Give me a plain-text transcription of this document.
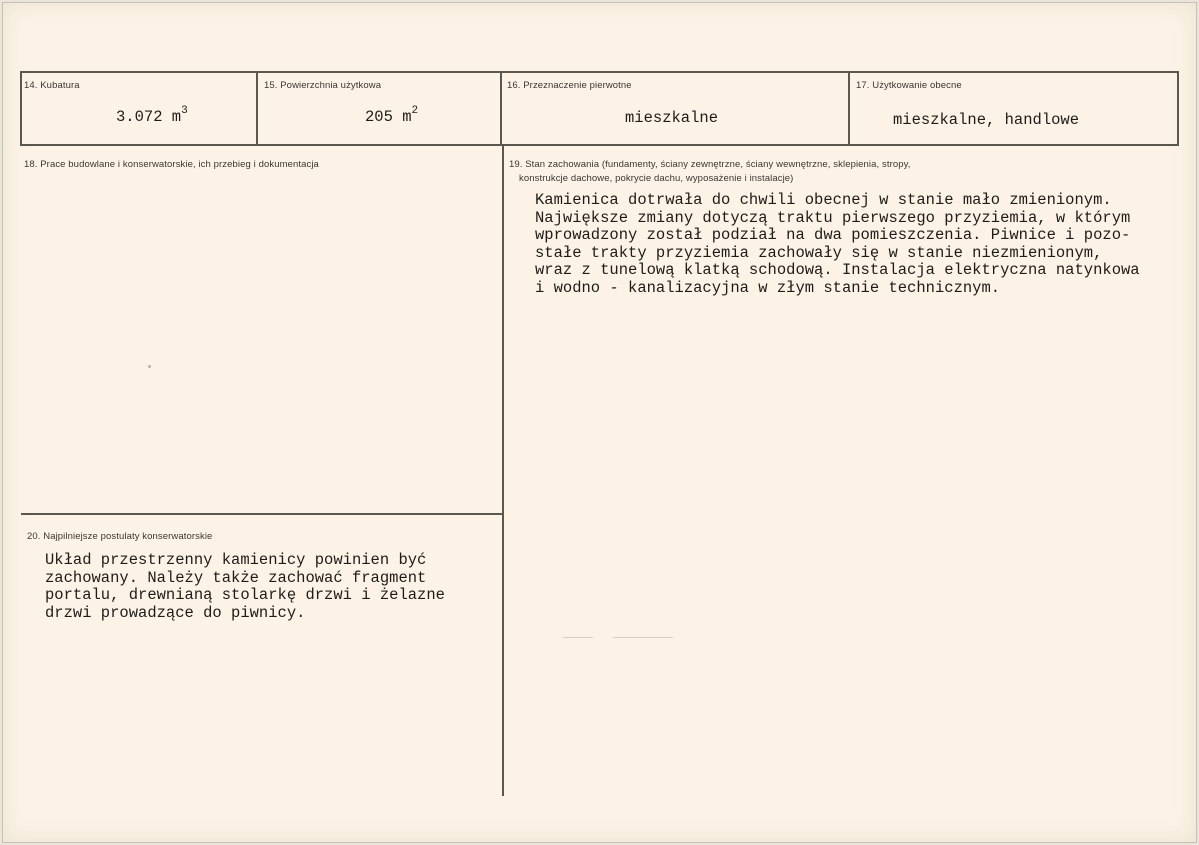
14. Kubatura
3.072 $m^3$
15. Powierzchnia użytkowa
205 $m^2$
16. Przeznaczenie pierwotne
mieszkalne
17. Użytkowanie obecne
mieszkalne, handlowe
18. Prace budowlane i konserwatorskie, ich przebieg i dokumentacja	19. Stan zachowania (fundamenty, ściany zewnętrzne, ściany wewnętrzne, sklepienia, stropy,
konstrukcje dachowe, pokrycie dachu, wyposażenie i instalacje)
Kamienica dotrwała do chwili obecnej w stanie mało zmienionym.
Największe zmiany dotyczą traktu pierwszego przyziemia, w którym
wprowadzony został podział na dwa pomieszczenia. Piwnice i pozo-
stałe trakty przyziemia zachowały się w stanie niezmienionym,
wraz z tunelową klatką schodową. Instalacja elektryczna natynkowa
i wodno - kanalizacyjna w złym stanie technicznym.
20. Najpilniejsze postulaty konserwatorskie
Układ przestrzenny kamienicy powinien być
zachowany. Należy także zachować fragment
portalu, drewnianą stolarkę drzwi i żelazne
drzwi prowadzące do piwnicy.
